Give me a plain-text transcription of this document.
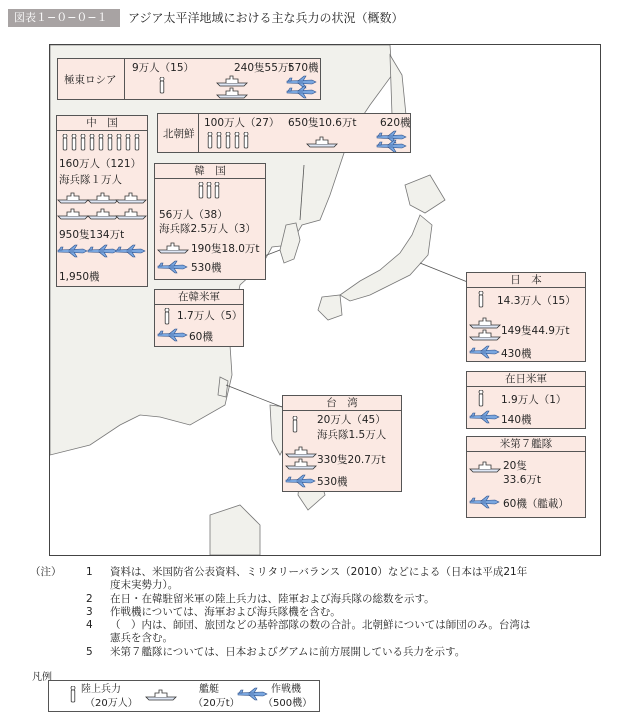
図表１−０−０−１	アジア太平洋地域における主な兵力の状況（概数）
極東ロシア
9万人（15）	240隻55万t
570機
北朝鮮
100万人（27） 650隻10.6万t 620機
中　国
160万人（121）
海兵隊１万人
950隻134万t
1,950機
韓　国
56万人（38）
海兵隊2.5万人（3）
190隻18.0万t
530機
在韓米軍
1.7万人（5）
60機
日　本
14.3万人（15）
149隻44.9万t
430機
在日米軍
1.9万人（1）
140機
台　湾
20万人（45）
海兵隊1.5万人
330隻20.7万t
530機
米第７艦隊
20隻
33.6万t
60機（艦載）
（注） 1 資料は、米国防省公表資料、ミリタリーバランス（2010）などによる（日本は平成21年
度末実勢力）。
2 在日・在韓駐留米軍の陸上兵力は、陸軍および海兵隊の総数を示す。
3 作戦機については、海軍および海兵隊機を含む。
4 （　）内は、師団、旅団などの基幹部隊の数の合計。北朝鮮については師団のみ。台湾は
憲兵を含む。
5 米第７艦隊については、日本およびグアムに前方展開している兵力を示す。
凡例
陸上兵力
（20万人）
艦艇
（20万t）
作戦機
（500機）
